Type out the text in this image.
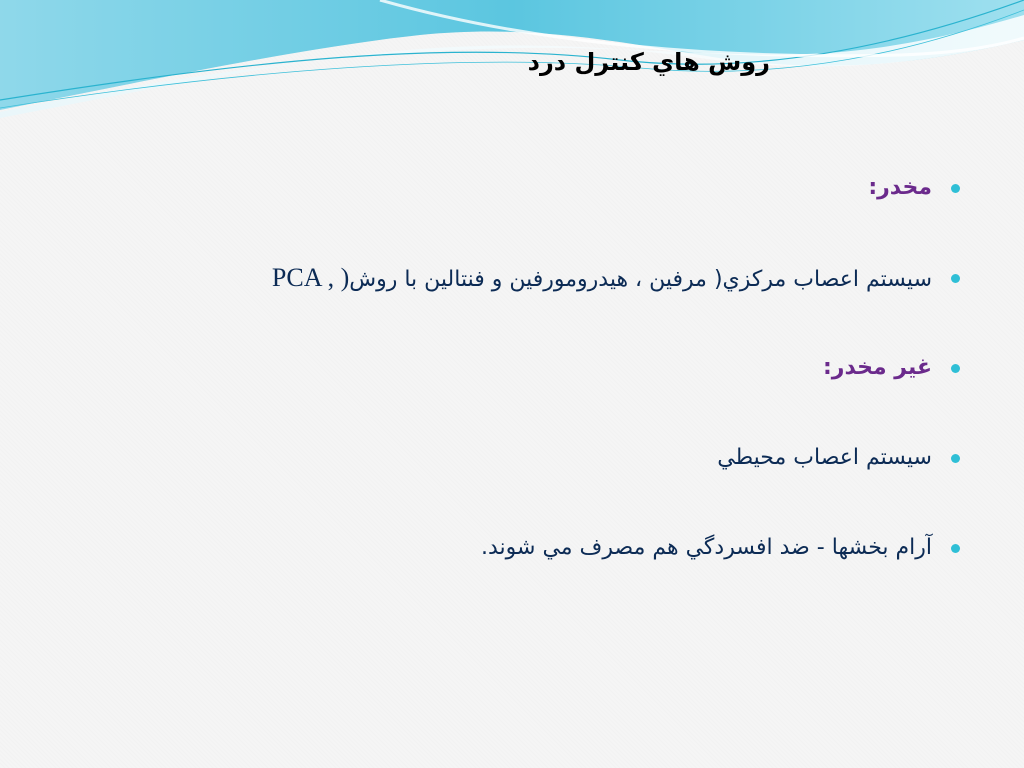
روش هاي كنترل درد
مخدر:
سيستم اعصاب مركزي( مرفين ، هيدرومورفين و فنتالين با روش PCA , )
غير مخدر:
سيستم اعصاب محيطي
آرام بخشها - ضد افسردگي هم مصرف مي شوند.
